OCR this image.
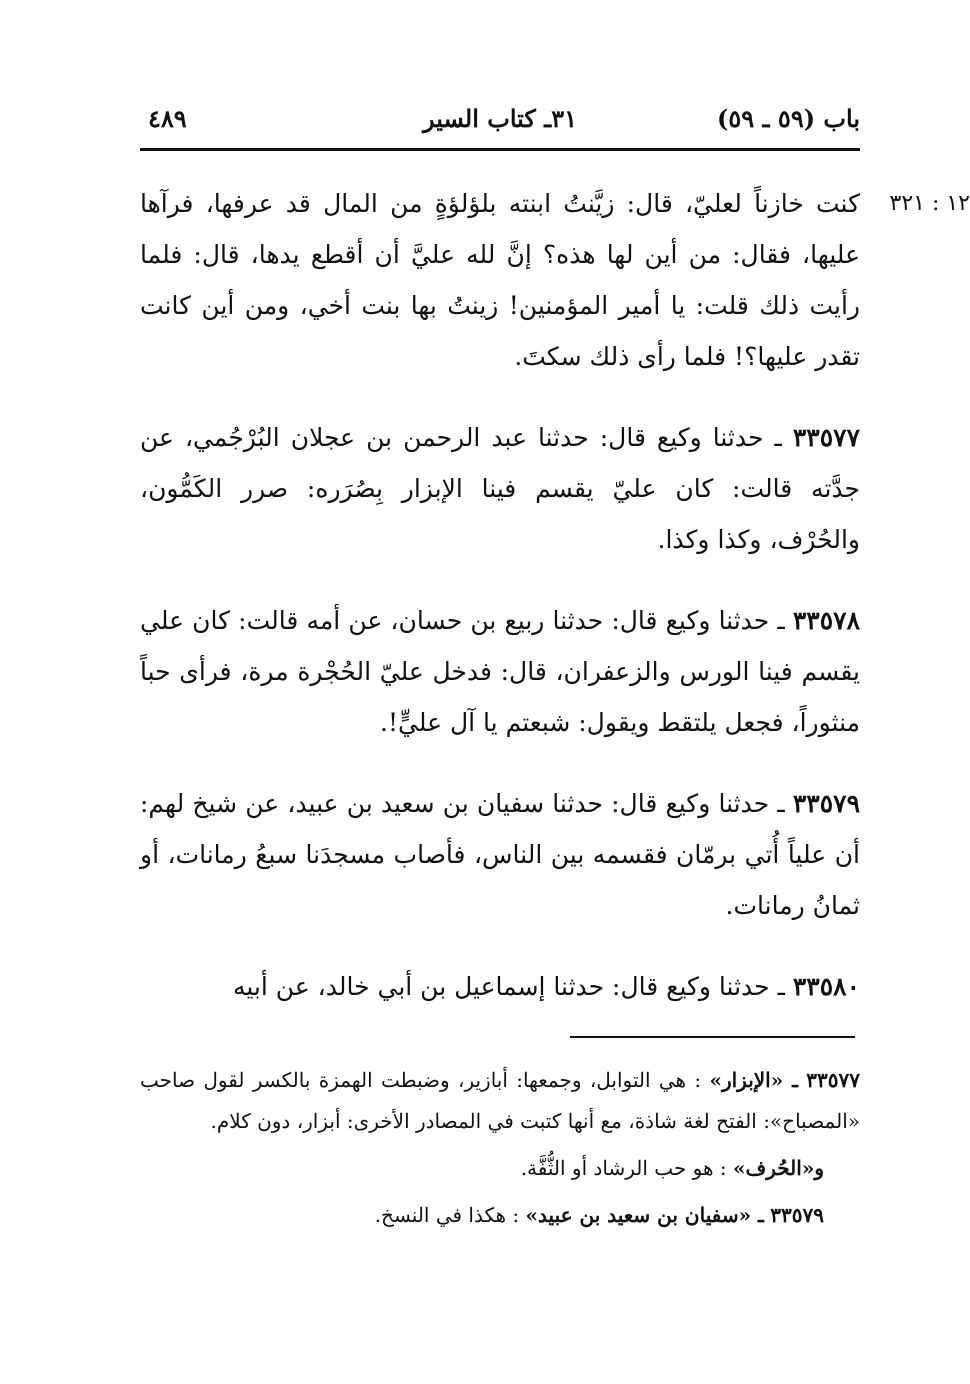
باب (٥٩ ـ ٥٩)
٣١ـ كتاب السير
٤٨٩

١٢ : ٣٢١
كنت خازناً لعليّ، قال: زيَّنتُ ابنته بلؤلؤةٍ من المال قد عرفها، فرآها عليها، فقال: من أين لها هذه؟ إنَّ لله عليَّ أن أقطع يدها، قال: فلما رأيت ذلك قلت: يا أمير المؤمنين! زينتُ بها بنت أخي، ومن أين كانت تقدر عليها؟! فلما رأى ذلك سكتَ.

٣٣٥٧٧ ـ حدثنا وكيع قال: حدثنا عبد الرحمن بن عجلان البُرْجُمي، عن جدَّته قالت: كان عليّ يقسم فينا الإبزار بِصُرَره: صرر الكَمُّون، والحُرْف، وكذا وكذا.

٣٣٥٧٨ ـ حدثنا وكيع قال: حدثنا ربيع بن حسان، عن أمه قالت: كان علي يقسم فينا الورس والزعفران، قال: فدخل عليّ الحُجْرة مرة، فرأى حباً منثوراً، فجعل يلتقط ويقول: شبعتم يا آل عليٍّ!.

٣٣٥٧٩ ـ حدثنا وكيع قال: حدثنا سفيان بن سعيد بن عبيد، عن شيخ لهم: أن علياً أُتي برمّان فقسمه بين الناس، فأصاب مسجدَنا سبعُ رمانات، أو ثمانُ رمانات.

٣٣٥٨٠ ـ حدثنا وكيع قال: حدثنا إسماعيل بن أبي خالد، عن أبيه

٣٣٥٧٧ ـ «الإبزار» : هي التوابل، وجمعها: أبازير، وضبطت الهمزة بالكسر لقول صاحب «المصباح»: الفتح لغة شاذة، مع أنها كتبت في المصادر الأخرى: أبزار، دون كلام.

و«الحُرف» : هو حب الرشاد أو الثُّفَّة.

٣٣٥٧٩ ـ «سفيان بن سعيد بن عبيد» : هكذا في النسخ.
